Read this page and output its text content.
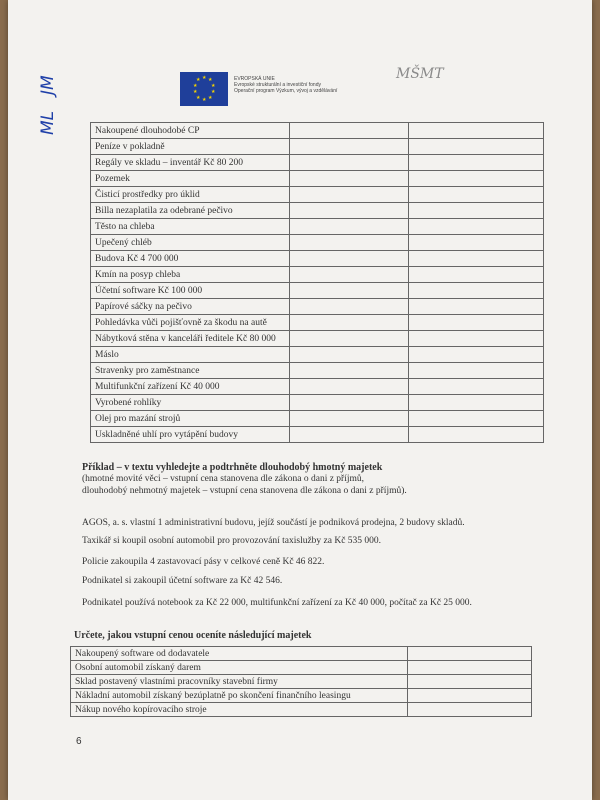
ML
JM	★ ★
★
★
★
★
★
★
★
★	EVROPSKÁ UNIE
Evropské strukturální a investiční fondy
Operační program Výzkum, vývoj a vzdělávání
MŠMT
Nakoupené dlouhodobé CP		
Peníze v pokladně		
Regály ve skladu – inventář Kč 80 200		
Pozemek		
Čisticí prostředky pro úklid		
Billa nezaplatila za odebrané pečivo		
Těsto na chleba		
Upečený chléb		
Budova Kč 4 700 000		
Kmín na posyp chleba		
Účetní software Kč 100 000		
Papírové sáčky na pečivo		
Pohledávka vůči pojišťovně za škodu na autě		
Nábytková stěna v kanceláři ředitele Kč 80 000		
Máslo		
Stravenky pro zaměstnance		
Multifunkční zařízení Kč 40 000		
Vyrobené rohlíky		
Olej pro mazání strojů		
Uskladněné uhlí pro vytápění budovy		
Příklad – v textu vyhledejte a podtrhněte dlouhodobý hmotný majetek

(hmotné movité věci – vstupní cena stanovena dle zákona o dani z příjmů,

dlouhodobý nehmotný majetek – vstupní cena stanovena dle zákona o dani z příjmů).

AGOS, a. s. vlastní 1 administrativní budovu, jejíž součástí je podniková prodejna, 2 budovy skladů.
Taxikář si koupil osobní automobil pro provozování taxislužby za Kč 535 000.
Policie zakoupila 4 zastavovací pásy v celkové ceně Kč 46 822.
Podnikatel si zakoupil účetní software za Kč 42 546.
Podnikatel používá notebook za Kč 22 000, multifunkční zařízení za Kč 40 000, počítač za Kč 25 000.
Určete, jakou vstupní cenou oceníte následující majetek
Nakoupený software od dodavatele	
Osobní automobil získaný darem	
Sklad postavený vlastními pracovníky stavební firmy	
Nákladní automobil získaný bezúplatně po skončení finančního leasingu	
Nákup nového kopírovacího stroje	
6
